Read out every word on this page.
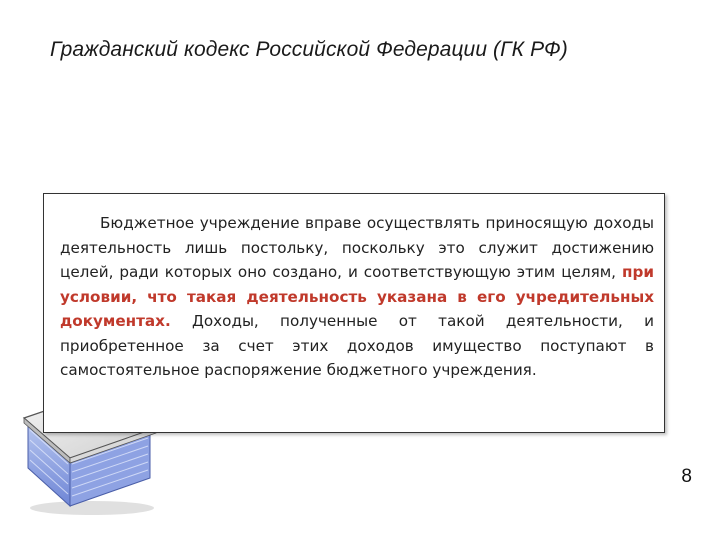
Гражданский кодекс Российской Федерации (ГК РФ)

Бюджетное учреждение вправе осуществлять приносящую доходы деятельность лишь постольку, поскольку это служит достижению целей, ради которых оно создано, и соответствующую этим целям, при условии, что такая деятельность указана в его учредительных документах. Доходы, полученные от такой деятельности, и приобретенное за счет этих доходов имущество поступают в самостоятельное распоряжение бюджетного учреждения.

8
